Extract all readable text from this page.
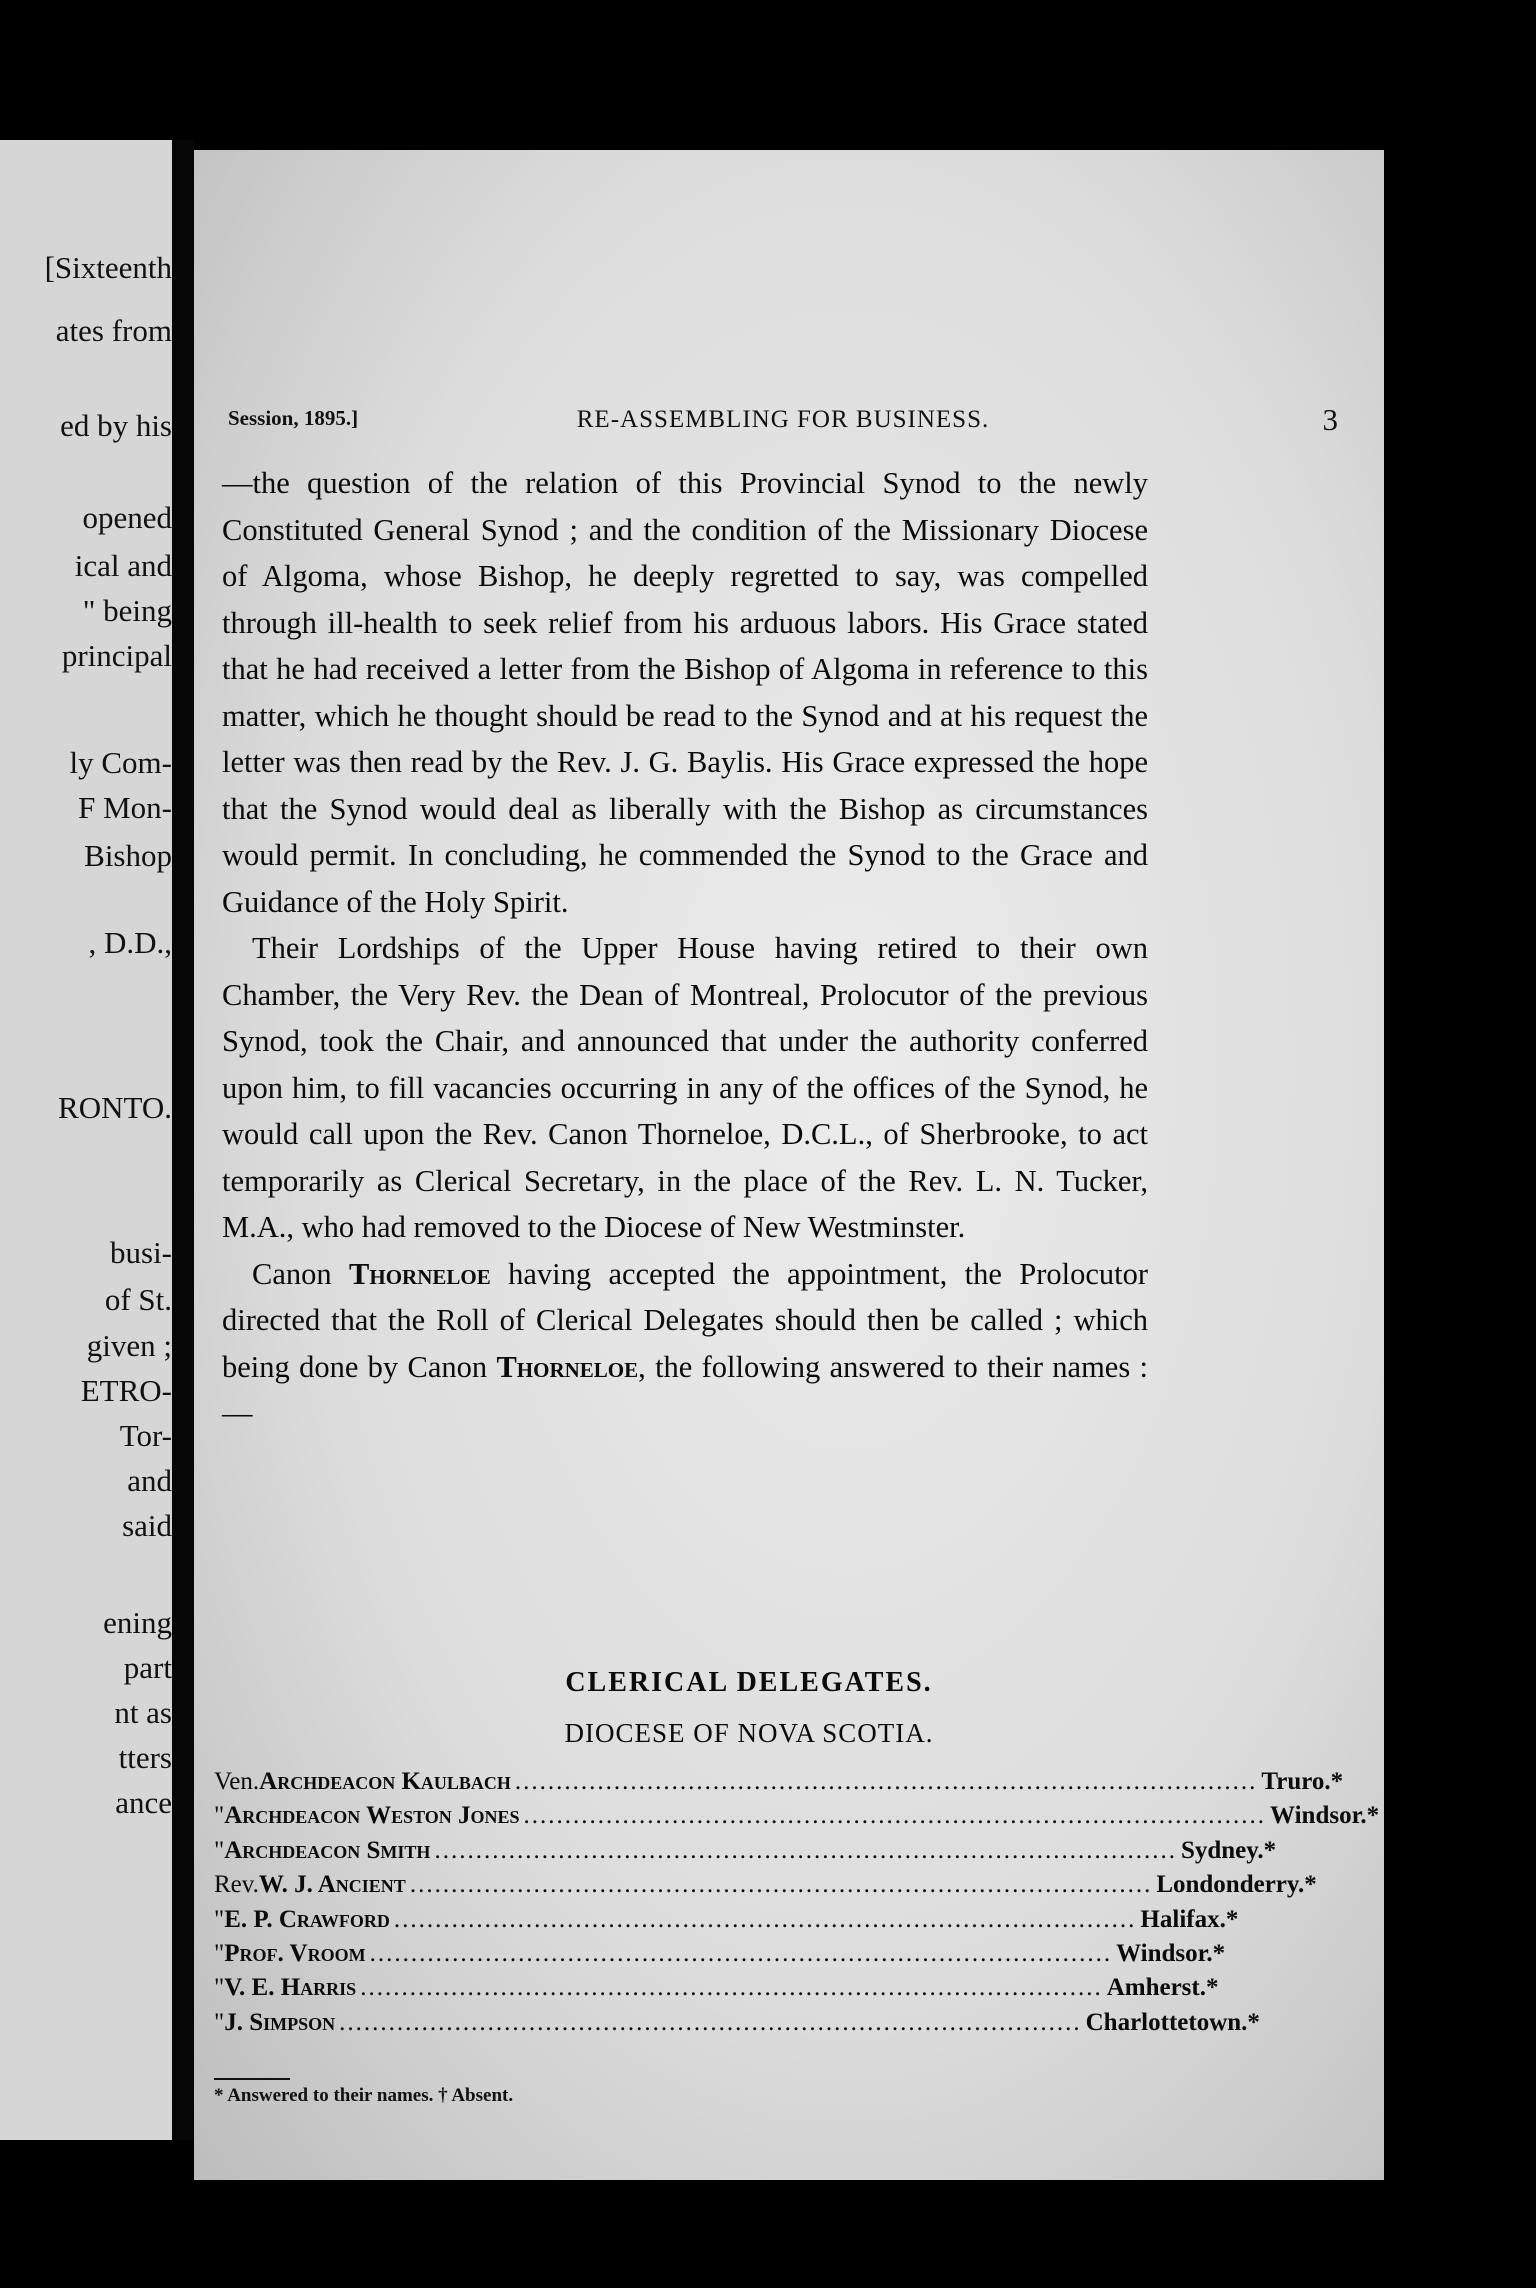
[Sixteenth
ates from
ed by his
opened
ical and
" being
principal
ly Com-
F Mon-
Bishop
, D.D.,
RONTO.
busi-
of St.
given ;
ETRO-
Tor-
and
said
ening
part
nt as
tters
ance
Session, 1895.]	RE-ASSEMBLING FOR BUSINESS.	3

—the question of the relation of this Provincial Synod to the newly Constituted General Synod ; and the condition of the Missionary Diocese of Algoma, whose Bishop, he deeply regretted to say, was compelled through ill-health to seek relief from his arduous labors. His Grace stated that he had received a letter from the Bishop of Algoma in reference to this matter, which he thought should be read to the Synod and at his request the letter was then read by the Rev. J. G. Baylis. His Grace expressed the hope that the Synod would deal as liberally with the Bishop as circumstances would permit. In concluding, he commended the Synod to the Grace and Guidance of the Holy Spirit.

Their Lordships of the Upper House having retired to their own Chamber, the Very Rev. the Dean of Montreal, Prolocutor of the previous Synod, took the Chair, and announced that under the authority conferred upon him, to fill vacancies occurring in any of the offices of the Synod, he would call upon the Rev. Canon Thorneloe, D.C.L., of Sherbrooke, to act temporarily as Clerical Secretary, in the place of the Rev. L. N. Tucker, M.A., who had removed to the Diocese of New Westminster.

Canon Thorneloe having accepted the appointment, the Prolocutor directed that the Roll of Clerical Delegates should then be called ; which being done by Canon Thorneloe, the following answered to their names :—

CLERICAL DELEGATES.
DIOCESE OF NOVA SCOTIA.
Ven. Archdeacon Kaulbach .......................................................................................... Truro.*
" Archdeacon Weston Jones .......................................................................................... Windsor.*
" Archdeacon Smith .......................................................................................... Sydney.*
Rev. W. J. Ancient .......................................................................................... Londonderry.*
" E. P. Crawford .......................................................................................... Halifax.*
" Prof. Vroom .......................................................................................... Windsor.*
" V. E. Harris .......................................................................................... Amherst.*
" J. Simpson .......................................................................................... Charlottetown.*
* Answered to their names. † Absent.
